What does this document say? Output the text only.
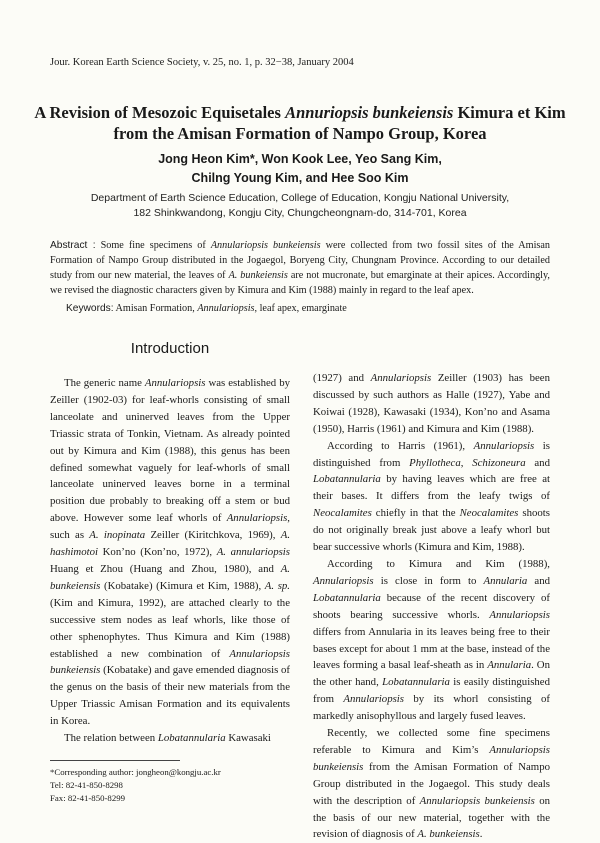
Jour. Korean Earth Science Society, v. 25, no. 1, p. 32−38, January 2004
A Revision of Mesozoic Equisetales Annuriopsis bunkeiensis Kimura et Kim from the Amisan Formation of Nampo Group, Korea
Jong Heon Kim*, Won Kook Lee, Yeo Sang Kim,
Chilng Young Kim, and Hee Soo Kim
Department of Earth Science Education, College of Education, Kongju National University,
182 Shinkwandong, Kongju City, Chungcheongnam-do, 314-701, Korea
Abstract : Some fine specimens of Annulariopsis bunkeiensis were collected from two fossil sites of the Amisan Formation of Nampo Group distributed in the Jogaegol, Boryeng City, Chungnam Province. According to our detailed study from our new material, the leaves of A. bunkeiensis are not mucronate, but emarginate at their apices. Accordingly, we revised the diagnostic characters given by Kimura and Kim (1988) mainly in regard to the leaf apex.
Keywords: Amisan Formation, Annulariopsis, leaf apex, emarginate
Introduction

The generic name Annulariopsis was established by Zeiller (1902-03) for leaf-whorls consisting of small lanceolate and uninerved leaves from the Upper Triassic strata of Tonkin, Vietnam. As already pointed out by Kimura and Kim (1988), this genus has been defined somewhat vaguely for leaf-whorls of small lanceolate uninerved leaves borne in a terminal position due probably to breaking off a stem or bud above. However some leaf whorls of Annulariopsis, such as A. inopinata Zeiller (Kiritchkova, 1969), A. hashimotoi Kon’no (Kon’no, 1972), A. annulariopsis Huang et Zhou (Huang and Zhou, 1980), and A. bunkeiensis (Kobatake) (Kimura et Kim, 1988), A. sp. (Kim and Kimura, 1992), are attached clearly to the successive stem nodes as leaf whorls, like those of other sphenophytes. Thus Kimura and Kim (1988) established a new combination of Annulariopsis bunkeiensis (Kobatake) and gave emended diagnosis of the genus on the basis of their new materials from the Upper Triassic Amisan Formation and its equivalents in Korea.

The relation between Lobatannularia Kawasaki

(1927) and Annulariopsis Zeiller (1903) has been discussed by such authors as Halle (1927), Yabe and Koiwai (1928), Kawasaki (1934), Kon’no and Asama (1950), Harris (1961) and Kimura and Kim (1988).

According to Harris (1961), Annulariopsis is distinguished from Phyllotheca, Schizoneura and Lobatannularia by having leaves which are free at their bases. It differs from the leafy twigs of Neocalamites chiefly in that the Neocalamites shoots do not originally break just above a leafy whorl but bear successive whorls (Kimura and Kim, 1988).

According to Kimura and Kim (1988), Annulariopsis is close in form to Annularia and Lobatannularia because of the recent discovery of shoots bearing successive whorls. Annulariopsis differs from Annularia in its leaves being free to their bases except for about 1 mm at the base, instead of the leaves forming a basal leaf-sheath as in Annularia. On the other hand, Lobatannularia is easily distinguished from Annulariopsis by its whorl consisting of markedly anisophyllous and largely fused leaves.

Recently, we collected some fine specimens referable to Kimura and Kim’s Annulariopsis bunkeiensis from the Amisan Formation of Nampo Group distributed in the Jogaegol. This study deals with the description of Annulariopsis bunkeiensis on the basis of our new material, together with the revision of diagnosis of A. bunkeiensis.

*Corresponding author: jongheon@kongju.ac.kr
Tel: 82-41-850-8298
Fax: 82-41-850-8299
